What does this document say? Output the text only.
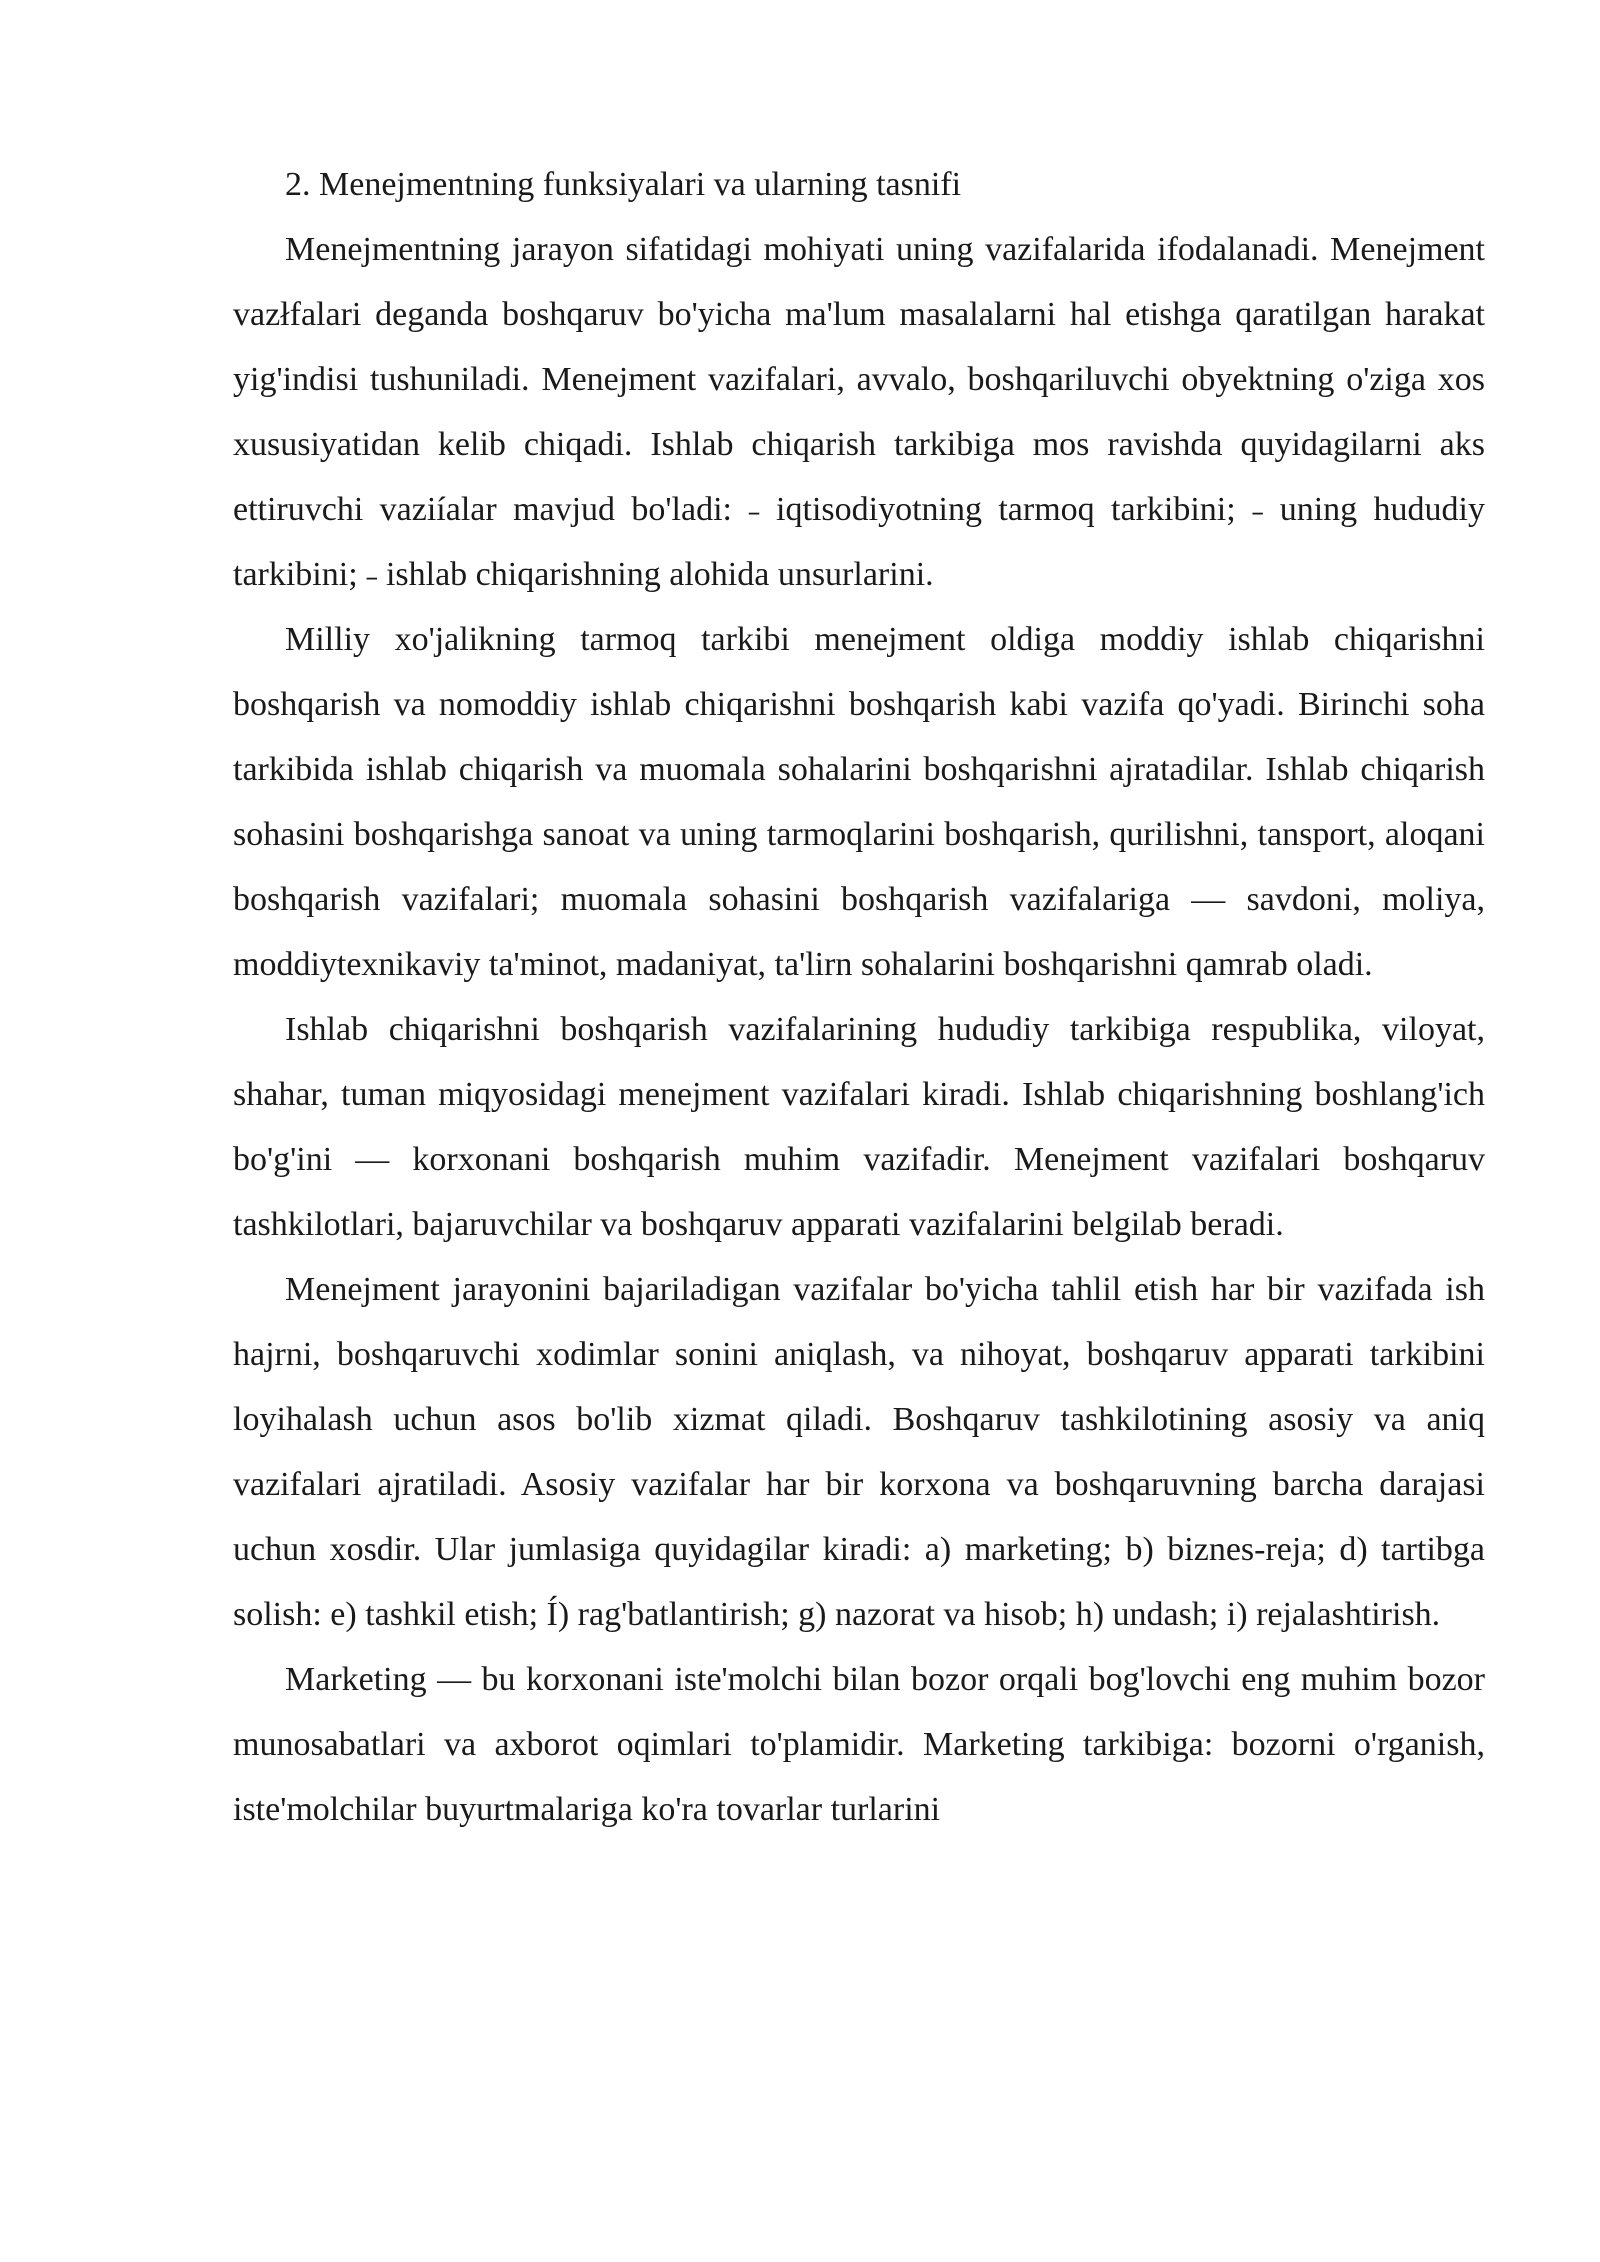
2. Menejmentning funksiyalari va ularning tasnifi

Menejmentning jarayon sifatidagi mohiyati uning vazifalarida ifodalanadi. Menejment vazłfalari deganda boshqaruv bo'yicha ma'lum masalalarni hal etishga qaratilgan harakat yig'indisi tushuniladi. Menejment vazifalari, avvalo, boshqariluvchi obyektning o'ziga xos xususiyatidan kelib chiqadi. Ishlab chiqarish tarkibiga mos ravishda quyidagilarni aks ettiruvchi vaziíalar mavjud bo'ladi: ˗ iqtisodiyotning tarmoq tarkibini; ˗ uning hududiy tarkibini; ˗ ishlab chiqarishning alohida unsurlarini.

Milliy xo'jalikning tarmoq tarkibi menejment oldiga moddiy ishlab chiqarishni boshqarish va nomoddiy ishlab chiqarishni boshqarish kabi vazifa qo'yadi. Birinchi soha tarkibida ishlab chiqarish va muomala sohalarini boshqarishni ajratadilar. Ishlab chiqarish sohasini boshqarishga sanoat va uning tarmoqlarini boshqarish, qurilishni, tansport, aloqani boshqarish vazifalari; muomala sohasini boshqarish vazifalariga — savdoni, moliya, moddiytexnikaviy ta'minot, madaniyat, ta'lirn sohalarini boshqarishni qamrab oladi.

Ishlab chiqarishni boshqarish vazifalarining hududiy tarkibiga respublika, viloyat, shahar, tuman miqyosidagi menejment vazifalari kiradi. Ishlab chiqarishning boshlang'ich bo'g'ini — korxonani boshqarish muhim vazifadir. Menejment vazifalari boshqaruv tashkilotlari, bajaruvchilar va boshqaruv apparati vazifalarini belgilab beradi.

Menejment jarayonini bajariladigan vazifalar bo'yicha tahlil etish har bir vazifada ish hajrni, boshqaruvchi xodimlar sonini aniqlash, va nihoyat, boshqaruv apparati tarkibini loyihalash uchun asos bo'lib xizmat qiladi. Boshqaruv tashkilotining asosiy va aniq vazifalari ajratiladi. Asosiy vazifalar har bir korxona va boshqaruvning barcha darajasi uchun xosdir. Ular jumlasiga quyidagilar kiradi: a) marketing; b) biznes-reja; d) tartibga solish: e) tashkil etish; Í) rag'batlantirish; g) nazorat va hisob; h) undash; i) rejalashtirish.

Marketing — bu korxonani iste'molchi bilan bozor orqali bog'lovchi eng muhim bozor munosabatlari va axborot oqimlari to'plamidir. Marketing tarkibiga: bozorni o'rganish, iste'molchilar buyurtmalariga ko'ra tovarlar turlarini
